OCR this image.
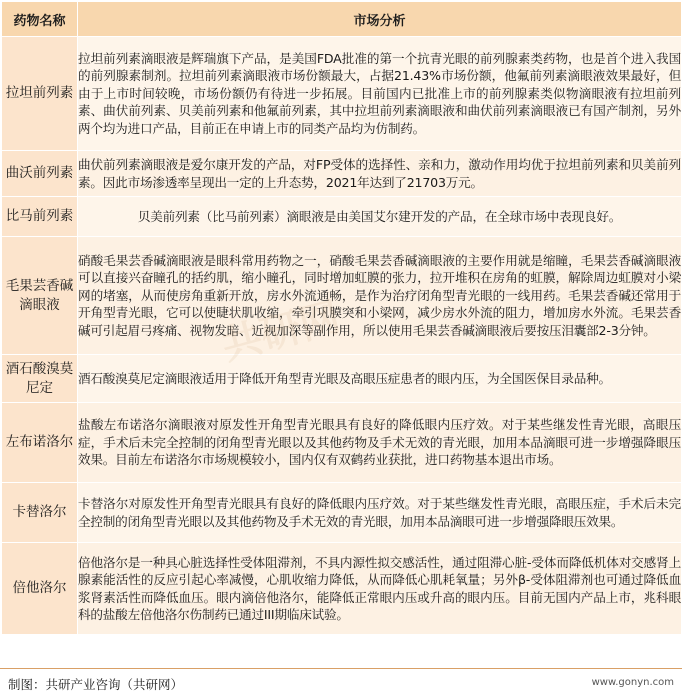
药物名称	市场分析
拉坦前列素	拉坦前列素滴眼液是辉瑞旗下产品，是美国FDA批准的第一个抗青光眼的前列腺素类药物，也是首个进入我国的前列腺素制剂。拉坦前列素滴眼液市场份额最大，占据21.43%市场份额，他氟前列素滴眼液效果最好，但由于上市时间较晚，市场份额仍有待进一步拓展。目前国内已批准上市的前列腺素类似物滴眼液有拉坦前列素、曲伏前列素、贝美前列素和他氟前列素，其中拉坦前列素滴眼液和曲伏前列素滴眼液已有国产制剂，另外两个均为进口产品，目前正在申请上市的同类产品均为仿制药。
曲沃前列素	曲伏前列素滴眼液是爱尔康开发的产品，对FP受体的选择性、亲和力，激动作用均优于拉坦前列素和贝美前列素。因此市场渗透率呈现出一定的上升态势，2021年达到了21703万元。
比马前列素	贝美前列素（比马前列素）滴眼液是由美国艾尔建开发的产品，在全球市场中表现良好。
毛果芸香碱滴眼液	硝酸毛果芸香碱滴眼液是眼科常用药物之一，硝酸毛果芸香碱滴眼液的主要作用就是缩瞳，毛果芸香碱滴眼液可以直接兴奋瞳孔的括约肌，缩小瞳孔，同时增加虹膜的张力，拉开堆积在房角的虹膜，解除周边虹膜对小梁网的堵塞，从而使房角重新开放，房水外流通畅，是作为治疗闭角型青光眼的一线用药。毛果芸香碱还常用于开角型青光眼，它可以使睫状肌收缩，牵引巩膜突和小梁网，减少房水外流的阻力，增加房水外流。毛果芸香碱可引起眉弓疼痛、视物发暗、近视加深等副作用，所以使用毛果芸香碱滴眼液后要按压泪囊部2-3分钟。
酒石酸溴莫尼定	酒石酸溴莫尼定滴眼液适用于降低开角型青光眼及高眼压症患者的眼内压，为全国医保目录品种。
左布诺洛尔	盐酸左布诺洛尔滴眼液对原发性开角型青光眼具有良好的降低眼内压疗效。对于某些继发性青光眼，高眼压症，手术后未完全控制的闭角型青光眼以及其他药物及手术无效的青光眼，加用本品滴眼可进一步增强降眼压效果。目前左布诺洛尔市场规模较小，国内仅有双鹤药业获批，进口药物基本退出市场。
卡替洛尔	卡替洛尔对原发性开角型青光眼具有良好的降低眼内压疗效。对于某些继发性青光眼，高眼压症，手术后未完全控制的闭角型青光眼以及其他药物及手术无效的青光眼，加用本品滴眼可进一步增强降眼压效果。
倍他洛尔	倍他洛尔是一种具心脏选择性受体阻滞剂，不具内源性拟交感活性，通过阻滞心脏-受体而降低机体对交感肾上腺素能活性的反应引起心率减慢，心肌收缩力降低，从而降低心肌耗氧量；另外β-受体阻滞剂也可通过降低血浆肾素活性而降低血压。眼内滴倍他洛尔，能降低正常眼内压或升高的眼内压。目前无国内产品上市，兆科眼科的盐酸左倍他洛尔伤制药已通过III期临床试验。
制图：共研产业咨询（共研网）	www.gonyn.com
